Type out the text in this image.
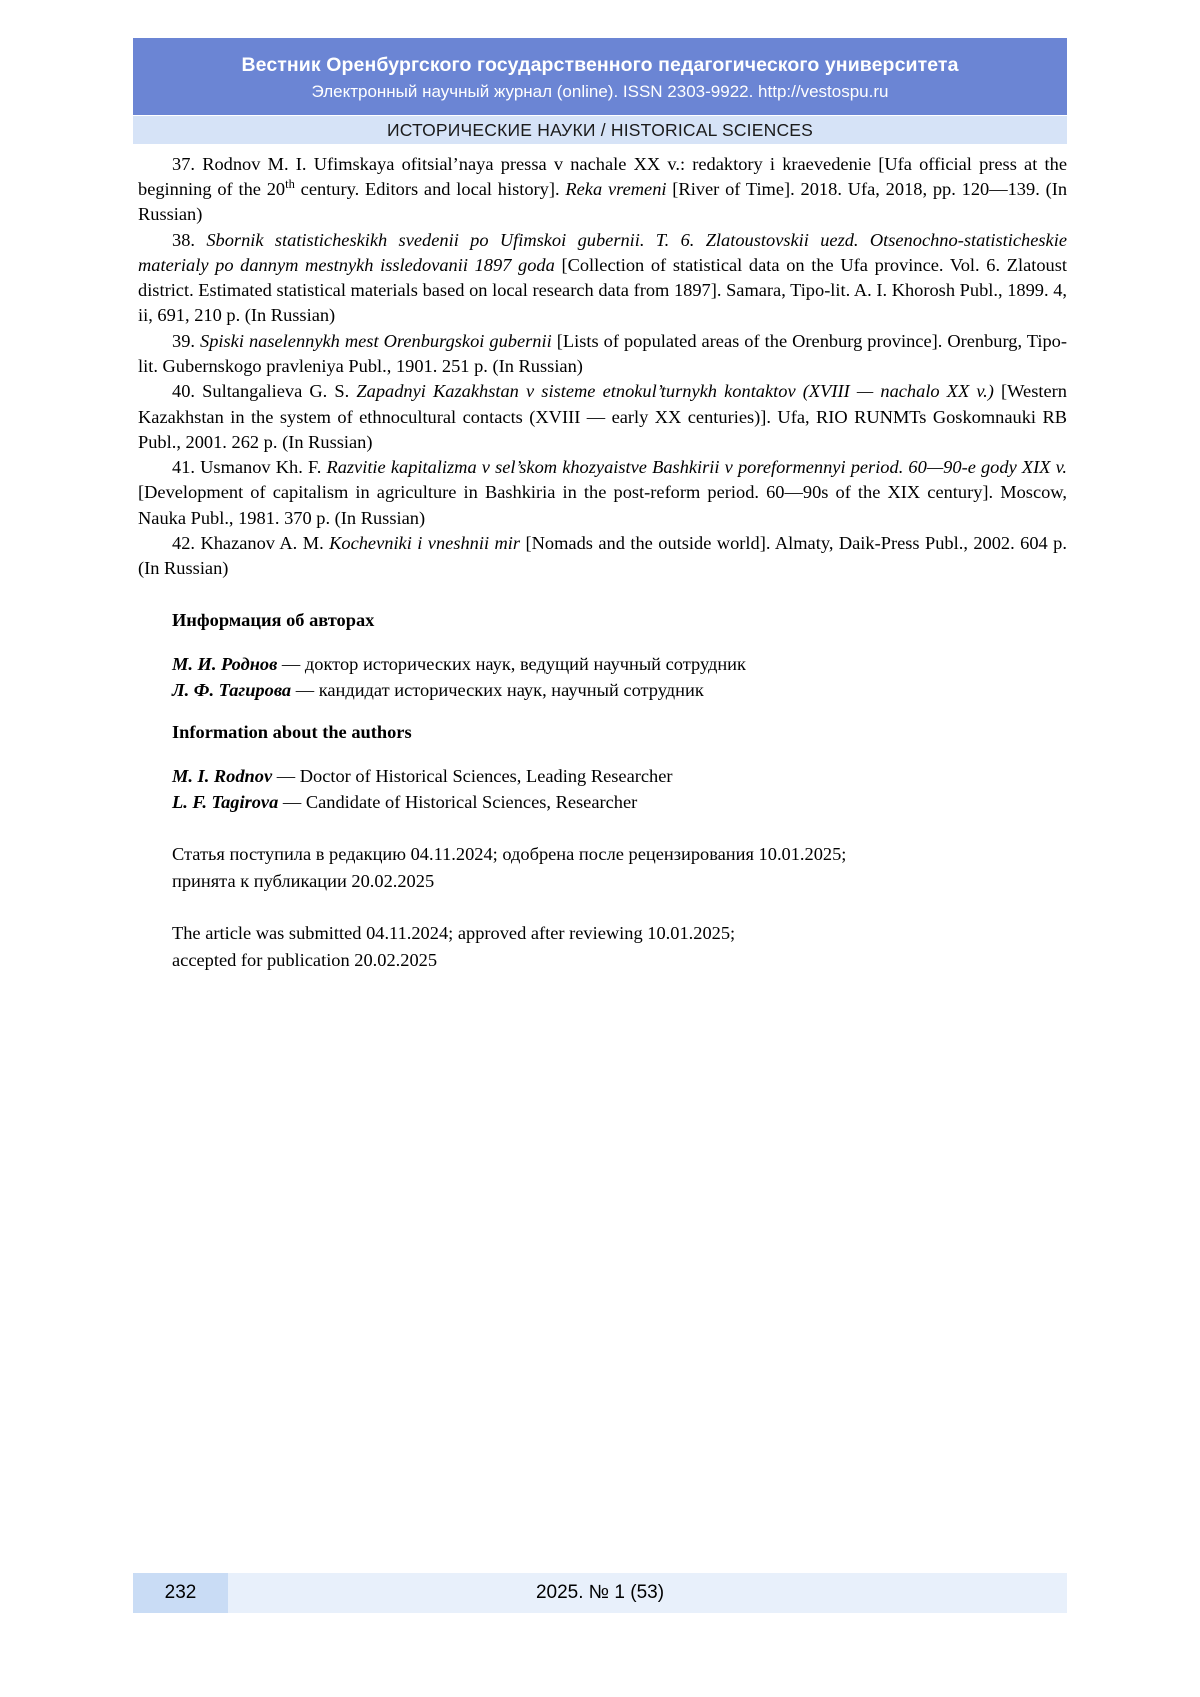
Вестник Оренбургского государственного педагогического университета
Электронный научный журнал (online). ISSN 2303-9922. http://vestospu.ru
ИСТОРИЧЕСКИЕ НАУКИ / HISTORICAL SCIENCES

37. Rodnov M. I. Ufimskaya ofitsial’naya pressa v nachale XX v.: redaktory i kraevedenie [Ufa official press at the beginning of the 20th century. Editors and local history]. Reka vremeni [River of Time]. 2018. Ufa, 2018, pp. 120—139. (In Russian)

38. Sbornik statisticheskikh svedenii po Ufimskoi gubernii. T. 6. Zlatoustovskii uezd. Otsenochno-statisticheskie materialy po dannym mestnykh issledovanii 1897 goda [Collection of statistical data on the Ufa province. Vol. 6. Zlatoust district. Estimated statistical materials based on local research data from 1897]. Samara, Tipo-lit. A. I. Khorosh Publ., 1899. 4, ii, 691, 210 p. (In Russian)

39. Spiski naselennykh mest Orenburgskoi gubernii [Lists of populated areas of the Orenburg province]. Orenburg, Tipo-lit. Gubernskogo pravleniya Publ., 1901. 251 p. (In Russian)

40. Sultangalieva G. S. Zapadnyi Kazakhstan v sisteme etnokul’turnykh kontaktov (XVIII — nachalo XX v.) [Western Kazakhstan in the system of ethnocultural contacts (XVIII — early XX centuries)]. Ufa, RIO RUNMTs Goskomnauki RB Publ., 2001. 262 p. (In Russian)

41. Usmanov Kh. F. Razvitie kapitalizma v sel’skom khozyaistve Bashkirii v poreformennyi period. 60—90-e gody XIX v. [Development of capitalism in agriculture in Bashkiria in the post-reform period. 60—90s of the XIX century]. Moscow, Nauka Publ., 1981. 370 p. (In Russian)

42. Khazanov A. M. Kochevniki i vneshnii mir [Nomads and the outside world]. Almaty, Daik-Press Publ., 2002. 604 p. (In Russian)

Информация об авторах

М. И. Роднов — доктор исторических наук, ведущий научный сотрудник

Л. Ф. Тагирова — кандидат исторических наук, научный сотрудник

Information about the authors

M. I. Rodnov — Doctor of Historical Sciences, Leading Researcher

L. F. Tagirova — Candidate of Historical Sciences, Researcher

Статья поступила в редакцию 04.11.2024; одобрена после рецензирования 10.01.2025;

принята к публикации 20.02.2025

The article was submitted 04.11.2024; approved after reviewing 10.01.2025;

accepted for publication 20.02.2025

2025. № 1 (53)
232
